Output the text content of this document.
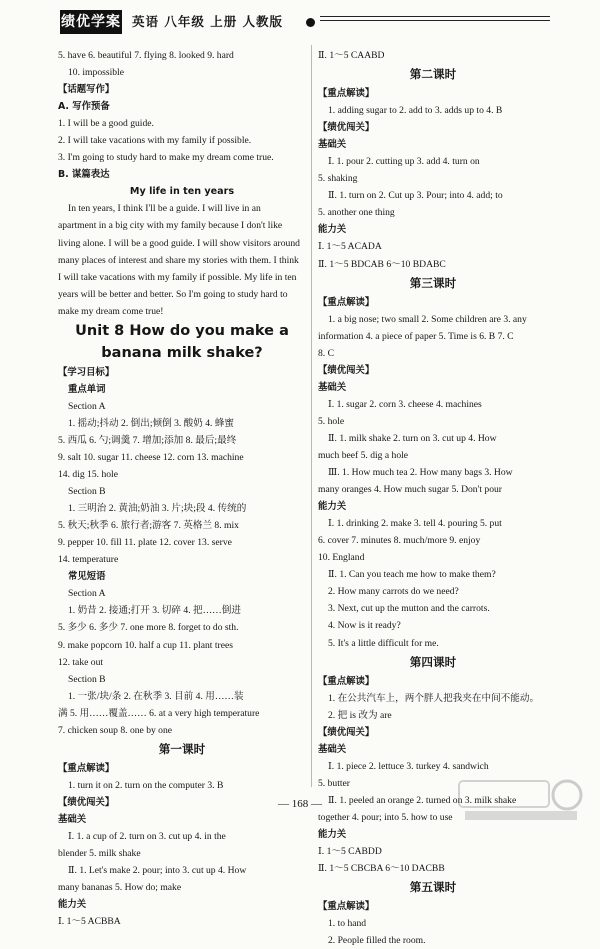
绩优学案 英语 八年级 上册 人教版
5. have 6. beautiful 7. flying 8. looked 9. hard
10. impossible
【话题写作】
A. 写作预备
1. I will be a good guide.
2. I will take vacations with my family if possible.
3. I'm going to study hard to make my dream come true.
B. 谋篇表达
My life in ten years
In ten years, I think I'll be a guide. I will live in an
apartment in a big city with my family because I don't like
living alone. I will be a good guide. I will show visitors around
many places of interest and share my stories with them. I think
I will take vacations with my family if possible. My life in ten
years will be better and better. So I'm going to study hard to
make my dream come true!
Unit 8 How do you make a
banana milk shake?
【学习目标】
重点单词
Section A
1. 摇动;抖动 2. 倒出;倾倒 3. 酸奶 4. 蜂蜜
5. 西瓜 6. 勺;调羹 7. 增加;添加 8. 最后;最终
9. salt 10. sugar 11. cheese 12. corn 13. machine
14. dig 15. hole
Section B
1. 三明治 2. 黄油;奶油 3. 片;块;段 4. 传统的
5. 秋天;秋季 6. 旅行者;游客 7. 英格兰 8. mix
9. pepper 10. fill 11. plate 12. cover 13. serve
14. temperature
常见短语
Section A
1. 奶昔 2. 接通;打开 3. 切碎 4. 把……倒进
5. 多少 6. 多少 7. one more 8. forget to do sth.
9. make popcorn 10. half a cup 11. plant trees
12. take out
Section B
1. 一张/块/条 2. 在秋季 3. 目前 4. 用……装
满 5. 用……覆盖…… 6. at a very high temperature
7. chicken soup 8. one by one
第一课时
【重点解读】
1. turn it on 2. turn on the computer 3. B
【绩优闯关】
基础关
Ⅰ. 1. a cup of 2. turn on 3. cut up 4. in the
blender 5. milk shake
Ⅱ. 1. Let's make 2. pour; into 3. cut up 4. How
many bananas 5. How do; make
能力关
Ⅰ. 1～5 ACBBA
Ⅱ. 1～5 CAABD
第二课时
【重点解读】
1. adding sugar to 2. add to 3. adds up to 4. B
【绩优闯关】
基础关
Ⅰ. 1. pour 2. cutting up 3. add 4. turn on
5. shaking
Ⅱ. 1. turn on 2. Cut up 3. Pour; into 4. add; to
5. another one thing
能力关
Ⅰ. 1～5 ACADA
Ⅱ. 1～5 BDCAB 6～10 BDABC
第三课时
【重点解读】
1. a big nose; two small 2. Some children are 3. any
information 4. a piece of paper 5. Time is 6. B 7. C
8. C
【绩优闯关】
基础关
Ⅰ. 1. sugar 2. corn 3. cheese 4. machines
5. hole
Ⅱ. 1. milk shake 2. turn on 3. cut up 4. How
much beef 5. dig a hole
Ⅲ. 1. How much tea 2. How many bags 3. How
many oranges 4. How much sugar 5. Don't pour
能力关
Ⅰ. 1. drinking 2. make 3. tell 4. pouring 5. put
6. cover 7. minutes 8. much/more 9. enjoy
10. England
Ⅱ. 1. Can you teach me how to make them?
2. How many carrots do we need?
3. Next, cut up the mutton and the carrots.
4. Now is it ready?
5. It's a little difficult for me.
第四课时
【重点解读】
1. 在公共汽车上，两个胖人把我夹在中间不能动。
2. 把 is 改为 are
【绩优闯关】
基础关
Ⅰ. 1. piece 2. lettuce 3. turkey 4. sandwich
5. butter
Ⅱ. 1. peeled an orange 2. turned on 3. milk shake
together 4. pour; into 5. how to use
能力关
Ⅰ. 1～5 CABDD
Ⅱ. 1～5 CBCBA 6～10 DACBB
第五课时
【重点解读】
1. to hand
2. People filled the room.
— 168 —
